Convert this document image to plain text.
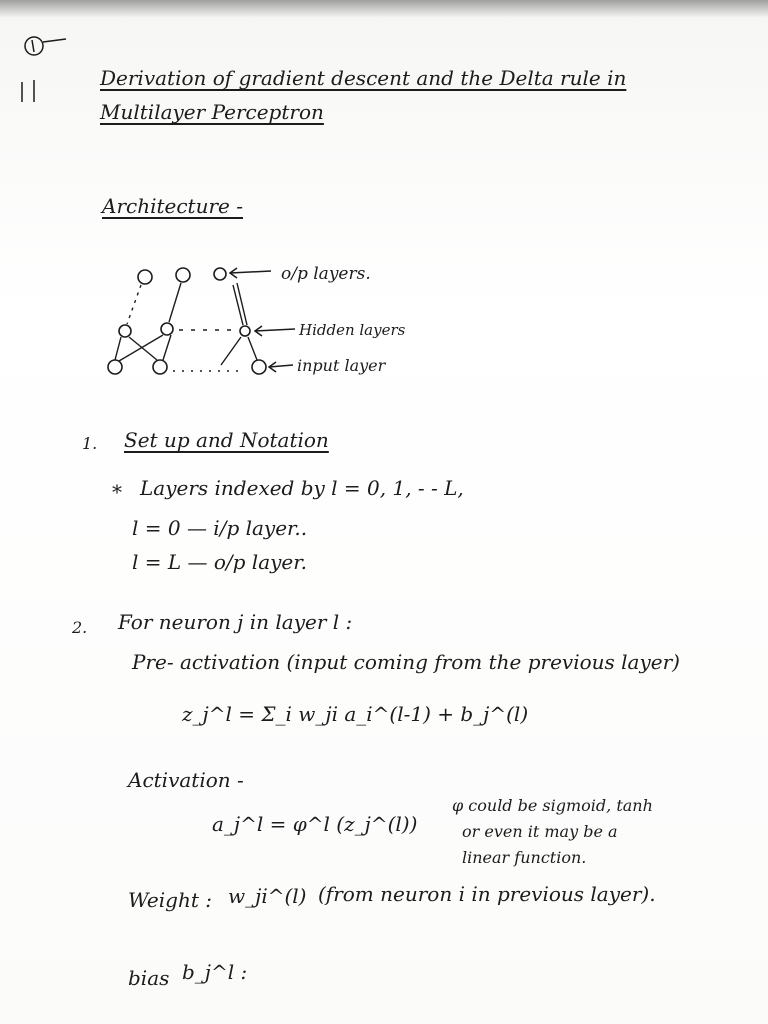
Derivation of gradient descent and the Delta rule in
Multilayer Perceptron
Architecture -
o/p layers.
Hidden layers
input layer
1. Set up and Notation
* Layers indexed by l = 0, 1, - - L,
l = 0 — i/p layer..
l = L — o/p layer.
2. For neuron j in layer l :
Pre- activation (input coming from the previous layer)
z_j^l = Σ_i w_ji a_i^(l-1) + b_j^(l)
Activation -
a_j^l = φ^l (z_j^(l))
φ could be sigmoid, tanh
or even it may be a
linear function.
Weight : w_ji^(l) (from neuron i in previous layer).
bias b_j^l :
